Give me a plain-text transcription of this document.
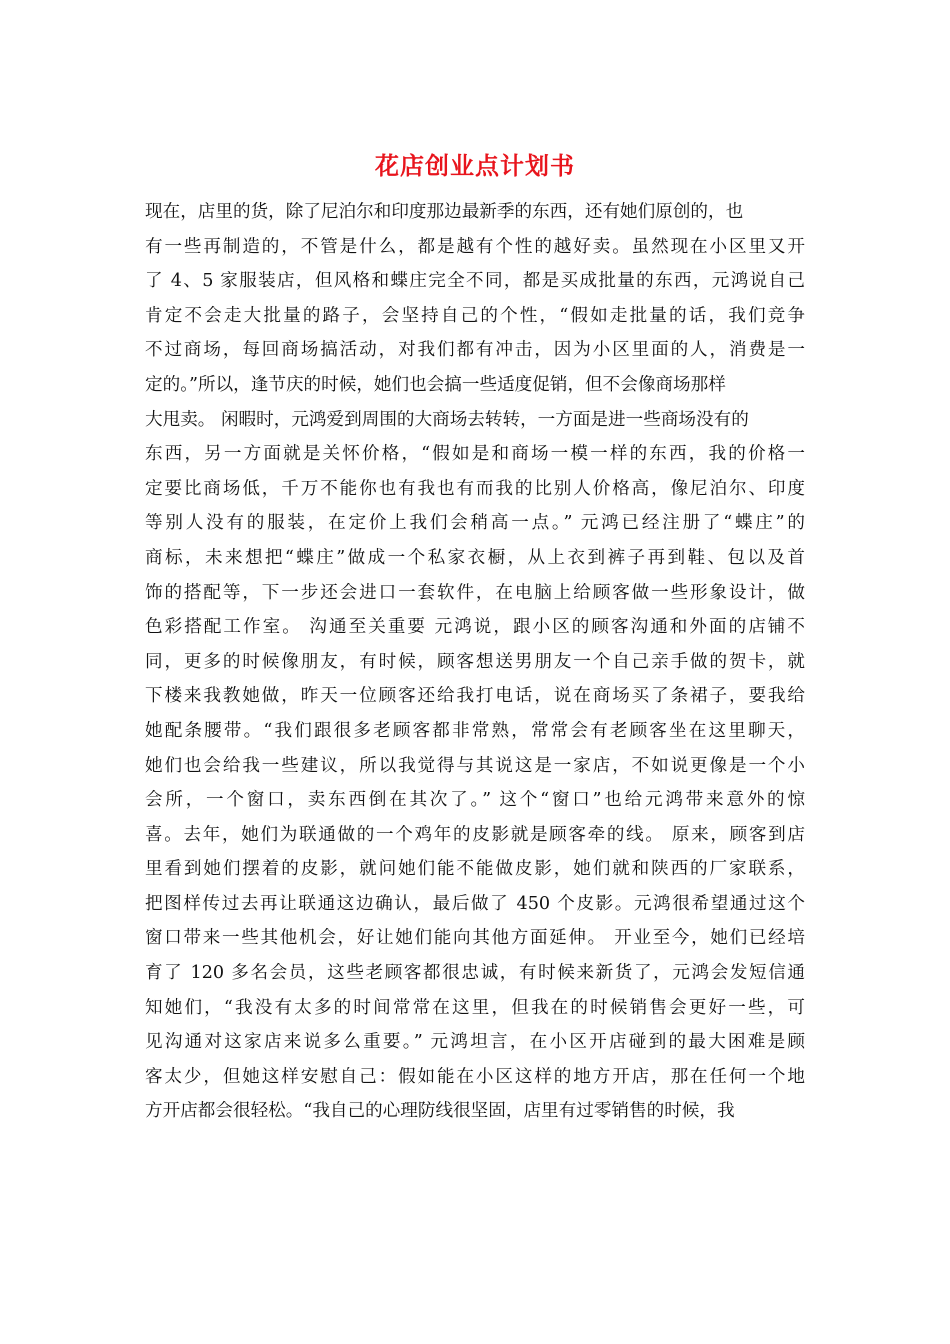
花店创业点计划书
现在，店里的货，除了尼泊尔和印度那边最新季的东西，还有她们原创的，也
有一些再制造的，不管是什么，都是越有个性的越好卖。虽然现在小区里又开
了 4、5 家服装店，但风格和蝶庄完全不同，都是买成批量的东西，元鸿说自己
肯定不会走大批量的路子，会坚持自己的个性，“假如走批量的话，我们竞争
不过商场，每回商场搞活动，对我们都有冲击，因为小区里面的人，消费是一
定的。”所以，逢节庆的时候，她们也会搞一些适度促销，但不会像商场那样
大甩卖。 闲暇时，元鸿爱到周围的大商场去转转，一方面是进一些商场没有的
东西，另一方面就是关怀价格，“假如是和商场一模一样的东西，我的价格一
定要比商场低，千万不能你也有我也有而我的比别人价格高，像尼泊尔、印度
等别人没有的服装，在定价上我们会稍高一点。” 元鸿已经注册了“蝶庄”的
商标，未来想把“蝶庄”做成一个私家衣橱，从上衣到裤子再到鞋、包以及首
饰的搭配等，下一步还会进口一套软件，在电脑上给顾客做一些形象设计，做
色彩搭配工作室。 沟通至关重要 元鸿说，跟小区的顾客沟通和外面的店铺不
同，更多的时候像朋友，有时候，顾客想送男朋友一个自己亲手做的贺卡，就
下楼来我教她做，昨天一位顾客还给我打电话，说在商场买了条裙子，要我给
她配条腰带。“我们跟很多老顾客都非常熟，常常会有老顾客坐在这里聊天，
她们也会给我一些建议，所以我觉得与其说这是一家店，不如说更像是一个小
会所，一个窗口，卖东西倒在其次了。” 这个“窗口”也给元鸿带来意外的惊
喜。去年，她们为联通做的一个鸡年的皮影就是顾客牵的线。 原来，顾客到店
里看到她们摆着的皮影，就问她们能不能做皮影，她们就和陕西的厂家联系，
把图样传过去再让联通这边确认，最后做了 450 个皮影。元鸿很希望通过这个
窗口带来一些其他机会，好让她们能向其他方面延伸。 开业至今，她们已经培
育了 120 多名会员，这些老顾客都很忠诚，有时候来新货了，元鸿会发短信通
知她们，“我没有太多的时间常常在这里，但我在的时候销售会更好一些，可
见沟通对这家店来说多么重要。” 元鸿坦言，在小区开店碰到的最大困难是顾
客太少，但她这样安慰自己：假如能在小区这样的地方开店，那在任何一个地
方开店都会很轻松。“我自己的心理防线很坚固，店里有过零销售的时候，我
